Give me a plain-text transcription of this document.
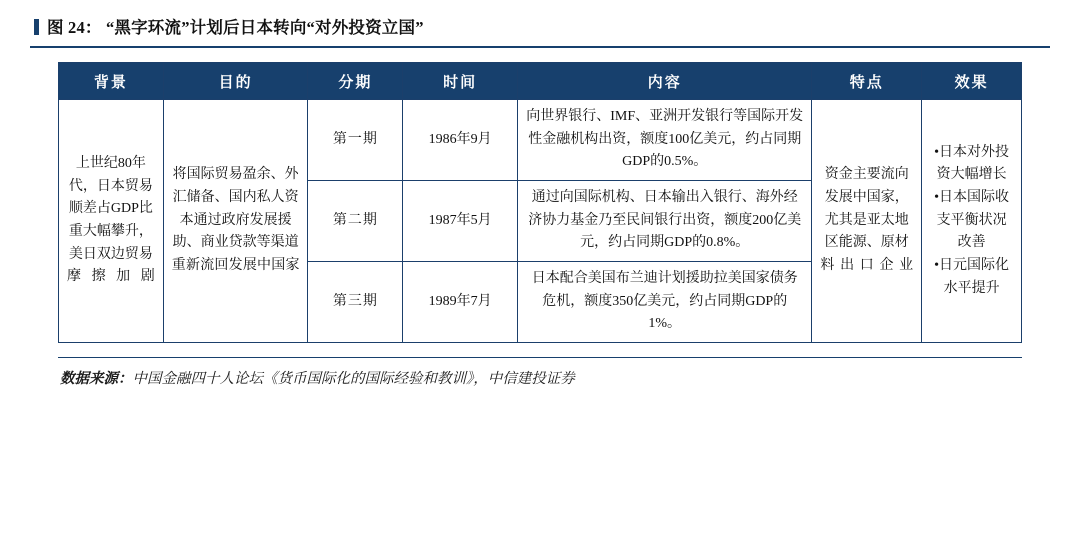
图 24： “黑字环流”计划后日本转向“对外投资立国”
背景	目的	分期	时间	内容	特点	效果
上世纪80年代，日本贸易顺差占GDP比重大幅攀升，美日双边贸易摩擦加剧	将国际贸易盈余、外汇储备、国内私人资本通过政府发展援助、商业贷款等渠道重新流回发展中国家	第一期	1986年9月	向世界银行、IMF、亚洲开发银行等国际开发性金融机构出资，额度100亿美元，约占同期GDP的0.5%。	资金主要流向发展中国家，尤其是亚太地区能源、原材料出口企业	•日本对外投资大幅增长
•日本国际收支平衡状况改善
•日元国际化水平提升

		第二期	1987年5月	通过向国际机构、日本输出入银行、海外经济协力基金乃至民间银行出资，额度200亿美元，约占同期GDP的0.8%。		
		第三期	1989年7月	日本配合美国布兰迪计划援助拉美国家债务危机，额度350亿美元，约占同期GDP的1%。		
数据来源：中国金融四十人论坛《货币国际化的国际经验和教训》，中信建投证券
